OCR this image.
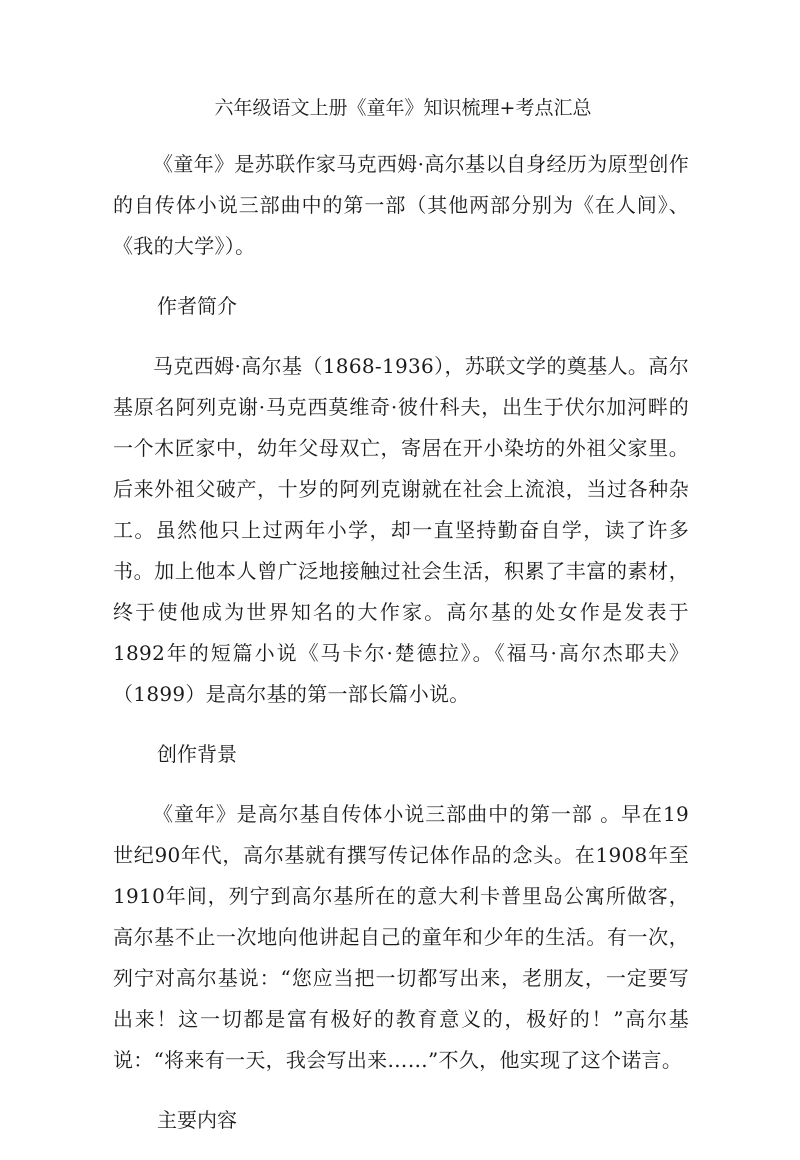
六年级语文上册《童年》知识梳理+考点汇总

《童年》是苏联作家马克西姆·高尔基以自身经历为原型创作的自传体小说三部曲中的第一部（其他两部分别为《在人间》、《我的大学》）。

作者简介

马克西姆·高尔基（1868-1936），苏联文学的奠基人。高尔基原名阿列克谢·马克西莫维奇·彼什科夫，出生于伏尔加河畔的一个木匠家中，幼年父母双亡，寄居在开小染坊的外祖父家里。后来外祖父破产，十岁的阿列克谢就在社会上流浪，当过各种杂工。虽然他只上过两年小学，却一直坚持勤奋自学，读了许多书。加上他本人曾广泛地接触过社会生活，积累了丰富的素材，终于使他成为世界知名的大作家。高尔基的处女作是发表于1892年的短篇小说《马卡尔·楚德拉》。《福马·高尔杰耶夫》（1899）是高尔基的第一部长篇小说。

创作背景

《童年》是高尔基自传体小说三部曲中的第一部 。早在19世纪90年代，高尔基就有撰写传记体作品的念头。在1908年至1910年间，列宁到高尔基所在的意大利卡普里岛公寓所做客，高尔基不止一次地向他讲起自己的童年和少年的生活。有一次，列宁对高尔基说：“您应当把一切都写出来，老朋友，一定要写出来！这一切都是富有极好的教育意义的，极好的！”高尔基说：“将来有一天，我会写出来……”不久，他实现了这个诺言。

主要内容
